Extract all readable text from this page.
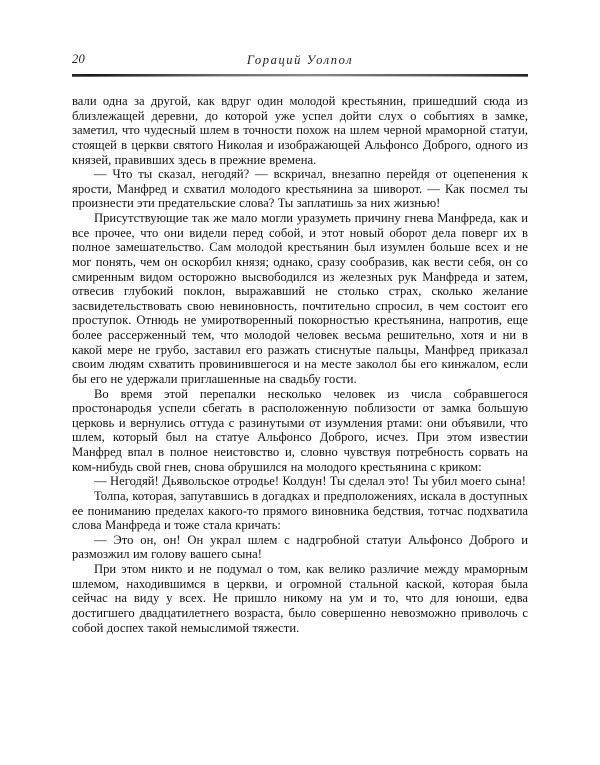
20	Гораций Уолпол

вали одна за другой, как вдруг один молодой крестьянин, пришедший сюда из близлежащей деревни, до которой уже успел дойти слух о событиях в замке, заметил, что чудесный шлем в точности похож на шлем черной мраморной статуи, стоящей в церкви святого Николая и изображающей Альфонсо Доброго, одного из князей, правивших здесь в прежние времена.

— Что ты сказал, негодяй? — вскричал, внезапно перейдя от оцепенения к ярости, Манфред и схватил молодого крестьянина за шиворот. — Как посмел ты произнести эти предательские слова? Ты заплатишь за них жизнью!

Присутствующие так же мало могли уразуметь причину гнева Манфреда, как и все прочее, что они видели перед собой, и этот новый оборот дела поверг их в полное замешательство. Сам молодой крестьянин был изумлен больше всех и не мог понять, чем он оскорбил князя; однако, сразу сообразив, как вести себя, он со смиренным видом осторожно высвободился из железных рук Манфреда и затем, отвесив глубокий поклон, выражавший не столько страх, сколько желание засвидетельствовать свою невиновность, почтительно спросил, в чем состоит его проступок. Отнюдь не умиротворенный покорностью крестьянина, напротив, еще более рассерженный тем, что молодой человек весьма решительно, хотя и ни в какой мере не грубо, заставил его разжать стиснутые пальцы, Манфред приказал своим людям схватить провинившегося и на месте заколол бы его кинжалом, если бы его не удержали приглашенные на свадьбу гости.

Во время этой перепалки несколько человек из числа собравшегося простонародья успели сбегать в расположенную поблизости от замка большую церковь и вернулись оттуда с разинутыми от изумления ртами: они объявили, что шлем, который был на статуе Альфонсо Доброго, исчез. При этом известии Манфред впал в полное неистовство и, словно чувствуя потребность сорвать на ком-нибудь свой гнев, снова обрушился на молодого крестьянина с криком:

— Негодяй! Дьявольское отродье! Колдун! Ты сделал это! Ты убил моего сына!

Толпа, которая, запутавшись в догадках и предположениях, искала в доступных ее пониманию пределах какого-то прямого виновника бедствия, тотчас подхватила слова Манфреда и тоже стала кричать:

— Это он, он! Он украл шлем с надгробной статуи Альфонсо Доброго и размозжил им голову вашего сына!

При этом никто и не подумал о том, как велико различие между мраморным шлемом, находившимся в церкви, и огромной стальной каской, которая была сейчас на виду у всех. Не пришло никому на ум и то, что для юноши, едва достигшего двадцатилетнего возраста, было совершенно невозможно приволочь с собой доспех такой немыслимой тяжести.
